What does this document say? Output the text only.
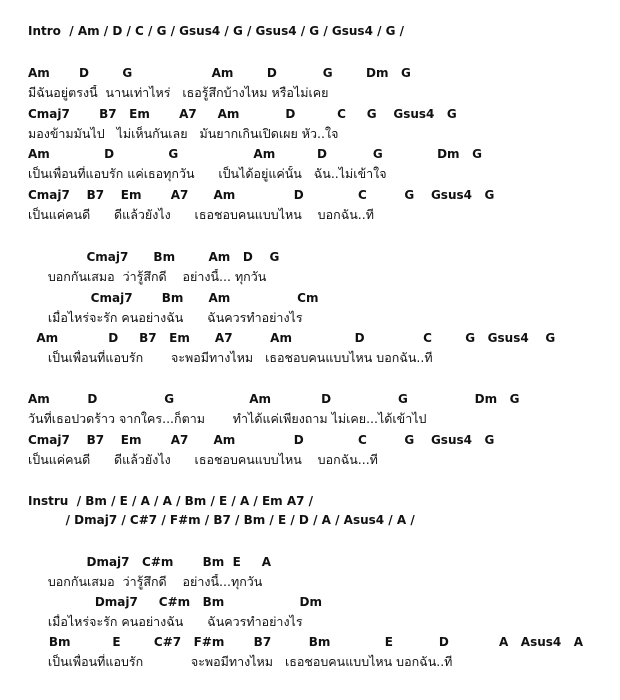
Intro  / Am / D / C / G / Gsus4 / G / Gsus4 / G / Gsus4 / G /
Am       D        G                   Am        D           G        Dm   G
มีฉันอยู่ตรงนี้  นานเท่าไหร่   เธอรู้สึกบ้างไหม หรือไม่เคย
Cmaj7       B7   Em       A7     Am           D          C     G    Gsus4   G
มองข้ามมันไป   ไม่เห็นกันเลย   มันยากเกินเปิดเผย หัว..ใจ
Am             D             G                  Am          D           G             Dm   G
เป็นเพื่อนที่แอบรัก แค่เธอทุกวัน      เป็นได้อยู่แค่นั้น   ฉัน..ไม่เข้าใจ
Cmaj7    B7    Em       A7      Am              D             C         G    Gsus4   G
เป็นแค่คนดี      ดีแล้วยังไง      เธอชอบคนแบบไหน    บอกฉัน..ที
Cmaj7      Bm        Am   D    G
บอกกันเสมอ  ว่ารู้สึกดี    อย่างนี้... ทุกวัน
Cmaj7       Bm      Am                Cm
เมื่อไหร่จะรัก คนอย่างฉัน      ฉันควรทำอย่างไร
Am            D     B7   Em      A7         Am               D              C        G   Gsus4    G
เป็นเพื่อนที่แอบรัก       จะพอมีทางไหม   เธอชอบคนแบบไหน บอกฉัน..ที
Am         D                G                  Am            D                G                Dm   G
วันที่เธอปวดร้าว จากใคร...ก็ตาม       ทำได้แค่เพียงถาม ไม่เคย...ได้เข้าไป
Cmaj7    B7    Em       A7      Am              D             C         G    Gsus4   G
เป็นแค่คนดี      ดีแล้วยังไง      เธอชอบคนแบบไหน    บอกฉัน...ที
Instru  / Bm / E / A / A / Bm / E / A / Em A7 /
/ Dmaj7 / C#7 / F#m / B7 / Bm / E / D / A / Asus4 / A /
Dmaj7   C#m       Bm  E     A
บอกกันเสมอ  ว่ารู้สึกดี    อย่างนี้...ทุกวัน
Dmaj7     C#m   Bm                  Dm
เมื่อไหร่จะรัก คนอย่างฉัน      ฉันควรทำอย่างไร
Bm          E        C#7   F#m       B7         Bm             E           D            A   Asus4   A
เป็นเพื่อนที่แอบรัก            จะพอมีทางไหม   เธอชอบคนแบบไหน บอกฉัน..ที
